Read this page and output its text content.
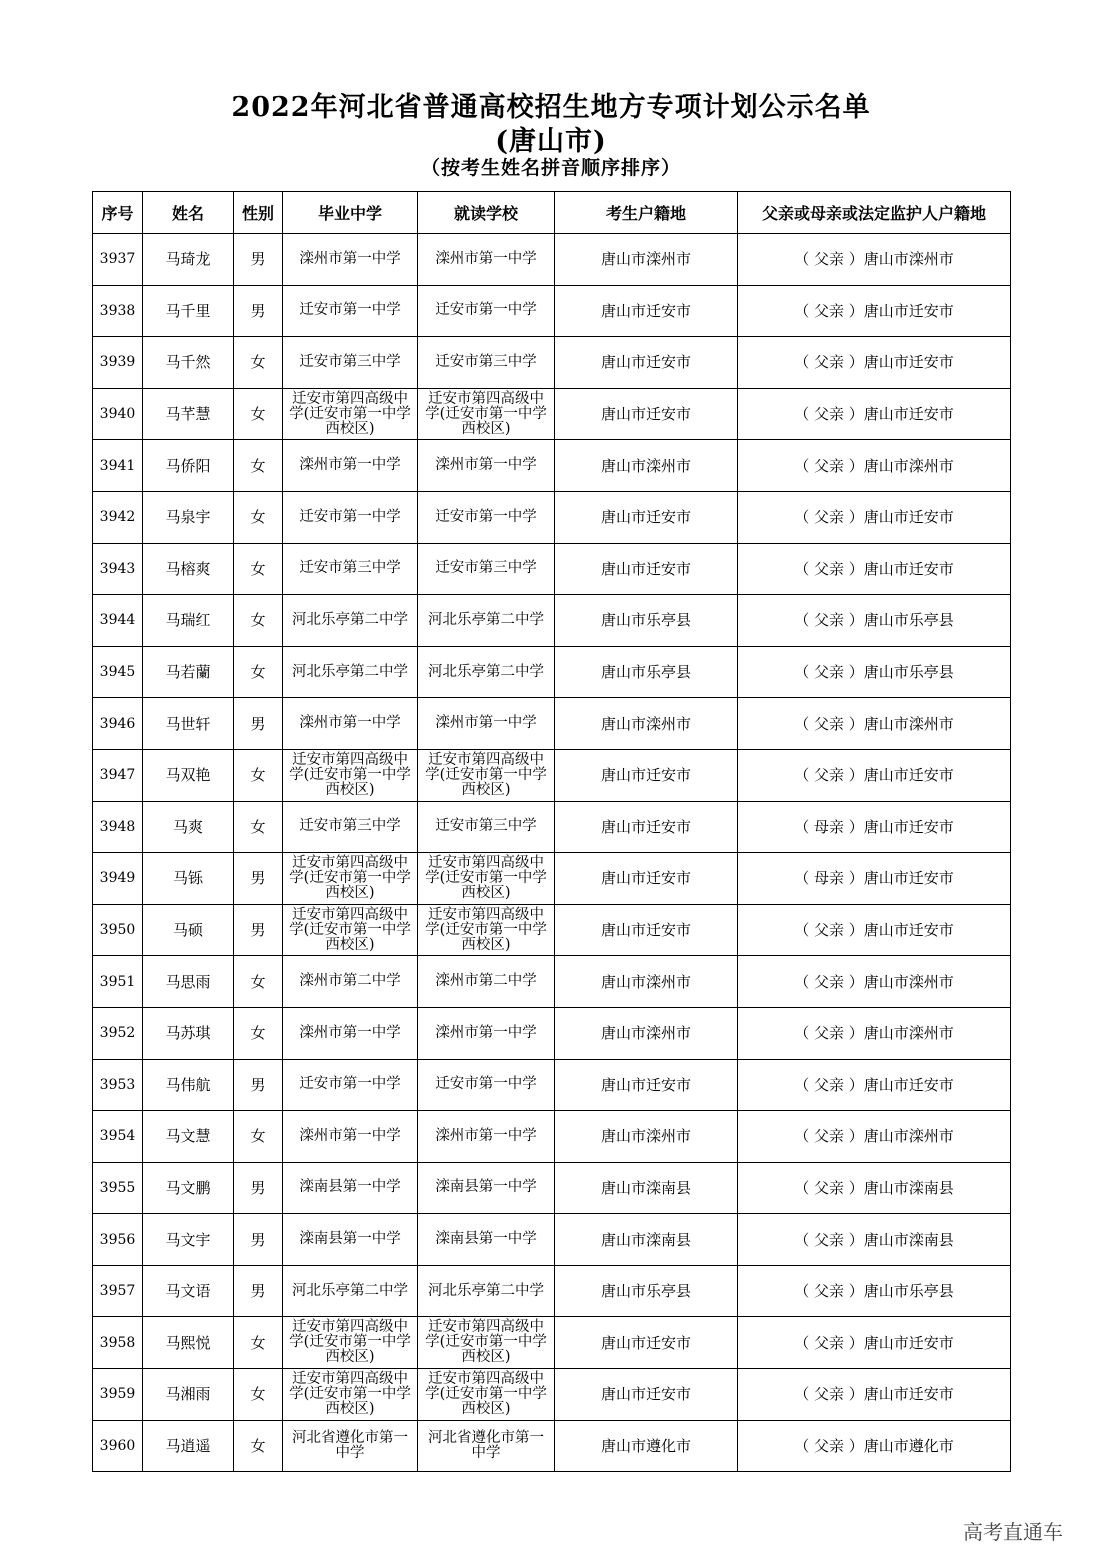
2022年河北省普通高校招生地方专项计划公示名单
(唐山市)
（按考生姓名拼音顺序排序）
序号	姓名	性别	毕业中学	就读学校	考生户籍地	父亲或母亲或法定监护人户籍地
3937	马琦龙	男	滦州市第一中学	滦州市第一中学	唐山市滦州市	（ 父亲 ）唐山市滦州市
3938	马千里	男	迁安市第一中学	迁安市第一中学	唐山市迁安市	（ 父亲 ）唐山市迁安市
3939	马千然	女	迁安市第三中学	迁安市第三中学	唐山市迁安市	（ 父亲 ）唐山市迁安市
3940	马芊慧	女	迁安市第四高级中学(迁安市第一中学西校区)	迁安市第四高级中学(迁安市第一中学西校区)	唐山市迁安市	（ 父亲 ）唐山市迁安市
3941	马侨阳	女	滦州市第一中学	滦州市第一中学	唐山市滦州市	（ 父亲 ）唐山市滦州市
3942	马泉宇	女	迁安市第一中学	迁安市第一中学	唐山市迁安市	（ 父亲 ）唐山市迁安市
3943	马榕爽	女	迁安市第三中学	迁安市第三中学	唐山市迁安市	（ 父亲 ）唐山市迁安市
3944	马瑞红	女	河北乐亭第二中学	河北乐亭第二中学	唐山市乐亭县	（ 父亲 ）唐山市乐亭县
3945	马若蘭	女	河北乐亭第二中学	河北乐亭第二中学	唐山市乐亭县	（ 父亲 ）唐山市乐亭县
3946	马世轩	男	滦州市第一中学	滦州市第一中学	唐山市滦州市	（ 父亲 ）唐山市滦州市
3947	马双艳	女	迁安市第四高级中学(迁安市第一中学西校区)	迁安市第四高级中学(迁安市第一中学西校区)	唐山市迁安市	（ 父亲 ）唐山市迁安市
3948	马爽	女	迁安市第三中学	迁安市第三中学	唐山市迁安市	（ 母亲 ）唐山市迁安市
3949	马铄	男	迁安市第四高级中学(迁安市第一中学西校区)	迁安市第四高级中学(迁安市第一中学西校区)	唐山市迁安市	（ 母亲 ）唐山市迁安市
3950	马硕	男	迁安市第四高级中学(迁安市第一中学西校区)	迁安市第四高级中学(迁安市第一中学西校区)	唐山市迁安市	（ 父亲 ）唐山市迁安市
3951	马思雨	女	滦州市第二中学	滦州市第二中学	唐山市滦州市	（ 父亲 ）唐山市滦州市
3952	马苏琪	女	滦州市第一中学	滦州市第一中学	唐山市滦州市	（ 父亲 ）唐山市滦州市
3953	马伟航	男	迁安市第一中学	迁安市第一中学	唐山市迁安市	（ 父亲 ）唐山市迁安市
3954	马文慧	女	滦州市第一中学	滦州市第一中学	唐山市滦州市	（ 父亲 ）唐山市滦州市
3955	马文鹏	男	滦南县第一中学	滦南县第一中学	唐山市滦南县	（ 父亲 ）唐山市滦南县
3956	马文宇	男	滦南县第一中学	滦南县第一中学	唐山市滦南县	（ 父亲 ）唐山市滦南县
3957	马文语	男	河北乐亭第二中学	河北乐亭第二中学	唐山市乐亭县	（ 父亲 ）唐山市乐亭县
3958	马熙悦	女	迁安市第四高级中学(迁安市第一中学西校区)	迁安市第四高级中学(迁安市第一中学西校区)	唐山市迁安市	（ 父亲 ）唐山市迁安市
3959	马湘雨	女	迁安市第四高级中学(迁安市第一中学西校区)	迁安市第四高级中学(迁安市第一中学西校区)	唐山市迁安市	（ 父亲 ）唐山市迁安市
3960	马逍遥	女	河北省遵化市第一中学	河北省遵化市第一中学	唐山市遵化市	（ 父亲 ）唐山市遵化市
高考直通车
